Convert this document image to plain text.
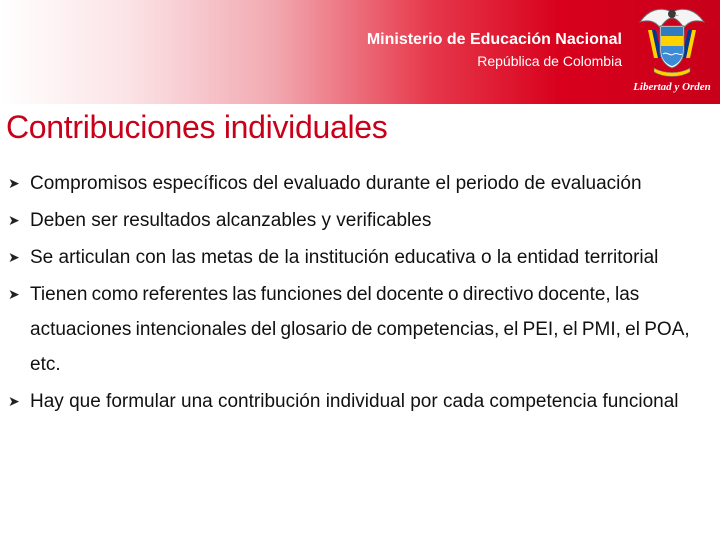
Ministerio de Educación Nacional
República de Colombia
Libertad y Orden
Contribuciones individuales
➤ Compromisos específicos del evaluado durante el periodo de evaluación
➤ Deben ser resultados alcanzables y verificables
➤ Se articulan con las metas de la institución educativa o la entidad territorial
➤ Tienen como referentes las funciones del docente o directivo docente, las actuaciones intencionales del glosario de competencias, el PEI, el PMI, el POA, etc.
➤ Hay que formular una contribución individual por cada competencia funcional
